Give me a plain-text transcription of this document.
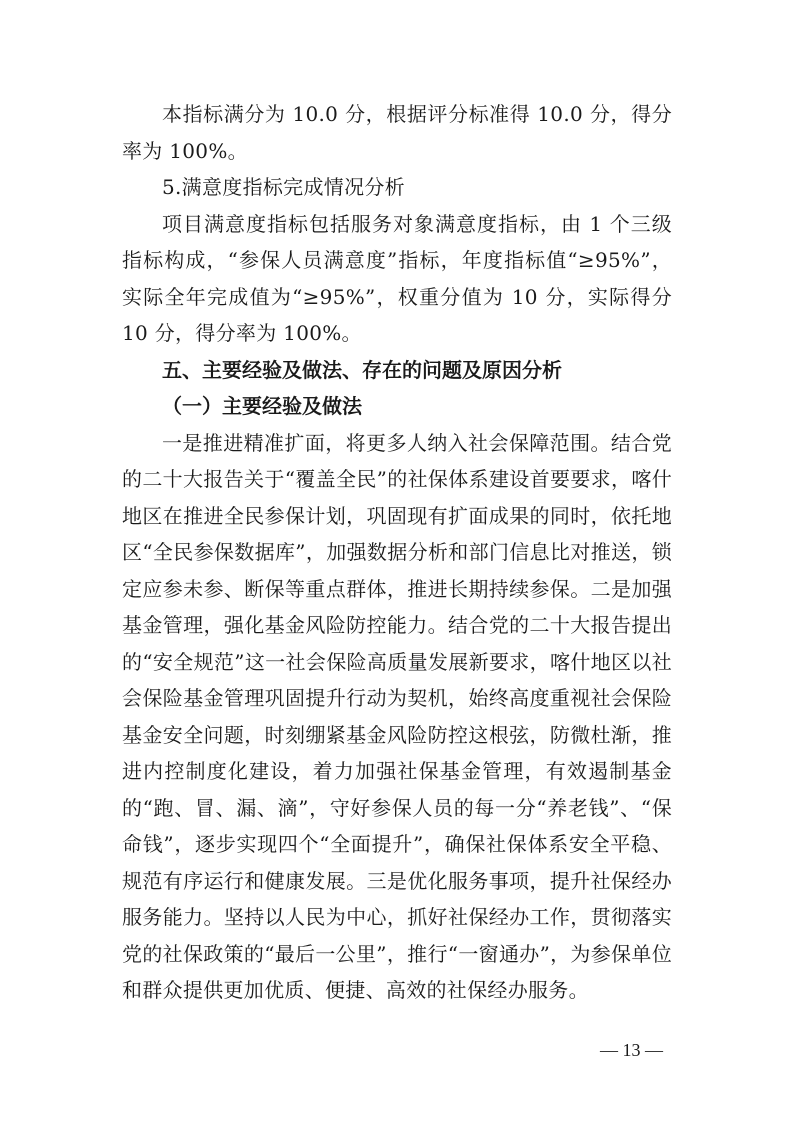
本指标满分为 10.0 分，根据评分标准得 10.0 分，得分率为 100%。

5.满意度指标完成情况分析

项目满意度指标包括服务对象满意度指标，由 1 个三级指标构成，“参保人员满意度”指标，年度指标值“≥95%”，实际全年完成值为“≥95%”，权重分值为 10 分，实际得分 10 分，得分率为 100%。

五、主要经验及做法、存在的问题及原因分析

（一）主要经验及做法

一是推进精准扩面，将更多人纳入社会保障范围。结合党的二十大报告关于“覆盖全民”的社保体系建设首要要求，喀什地区在推进全民参保计划，巩固现有扩面成果的同时，依托地区“全民参保数据库”，加强数据分析和部门信息比对推送，锁定应参未参、断保等重点群体，推进长期持续参保。二是加强基金管理，强化基金风险防控能力。结合党的二十大报告提出的“安全规范”这一社会保险高质量发展新要求，喀什地区以社会保险基金管理巩固提升行动为契机，始终高度重视社会保险基金安全问题，时刻绷紧基金风险防控这根弦，防微杜渐，推进内控制度化建设，着力加强社保基金管理，有效遏制基金的“跑、冒、漏、滴”，守好参保人员的每一分“养老钱”、“保命钱”，逐步实现四个“全面提升”，确保社保体系安全平稳、规范有序运行和健康发展。三是优化服务事项，提升社保经办服务能力。坚持以人民为中心，抓好社保经办工作，贯彻落实党的社保政策的“最后一公里”，推行“一窗通办”，为参保单位和群众提供更加优质、便捷、高效的社保经办服务。

— 13 —
